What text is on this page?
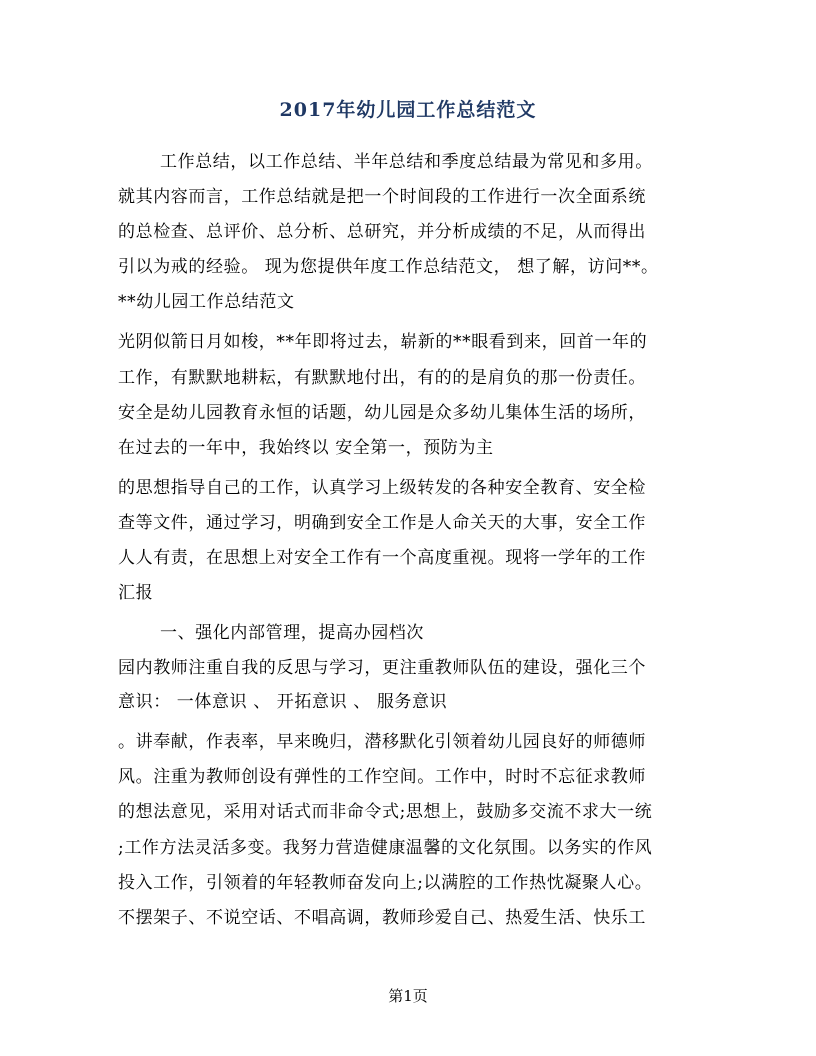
2017年幼儿园工作总结范文
工作总结，以工作总结、半年总结和季度总结最为常见和多用。
就其内容而言，工作总结就是把一个时间段的工作进行一次全面系统
的总检查、总评价、总分析、总研究，并分析成绩的不足，从而得出
引以为戒的经验。 现为您提供年度工作总结范文， 想了解，访问**。
**幼儿园工作总结范文
光阴似箭日月如梭，**年即将过去，崭新的**眼看到来，回首一年的
工作，有默默地耕耘，有默默地付出，有的的是肩负的那一份责任。
安全是幼儿园教育永恒的话题，幼儿园是众多幼儿集体生活的场所，
在过去的一年中，我始终以 安全第一，预防为主
的思想指导自己的工作，认真学习上级转发的各种安全教育、安全检
查等文件，通过学习，明确到安全工作是人命关天的大事，安全工作
人人有责，在思想上对安全工作有一个高度重视。现将一学年的工作
汇报
一、强化内部管理，提高办园档次
园内教师注重自我的反思与学习，更注重教师队伍的建设，强化三个
意识： 一体意识 、 开拓意识 、 服务意识
。讲奉献，作表率，早来晚归，潜移默化引领着幼儿园良好的师德师
风。注重为教师创设有弹性的工作空间。工作中，时时不忘征求教师
的想法意见，采用对话式而非命令式;思想上，鼓励多交流不求大一统
;工作方法灵活多变。我努力营造健康温馨的文化氛围。以务实的作风
投入工作，引领着的年轻教师奋发向上;以满腔的工作热忱凝聚人心。
不摆架子、不说空话、不唱高调，教师珍爱自己、热爱生活、快乐工
第1页
